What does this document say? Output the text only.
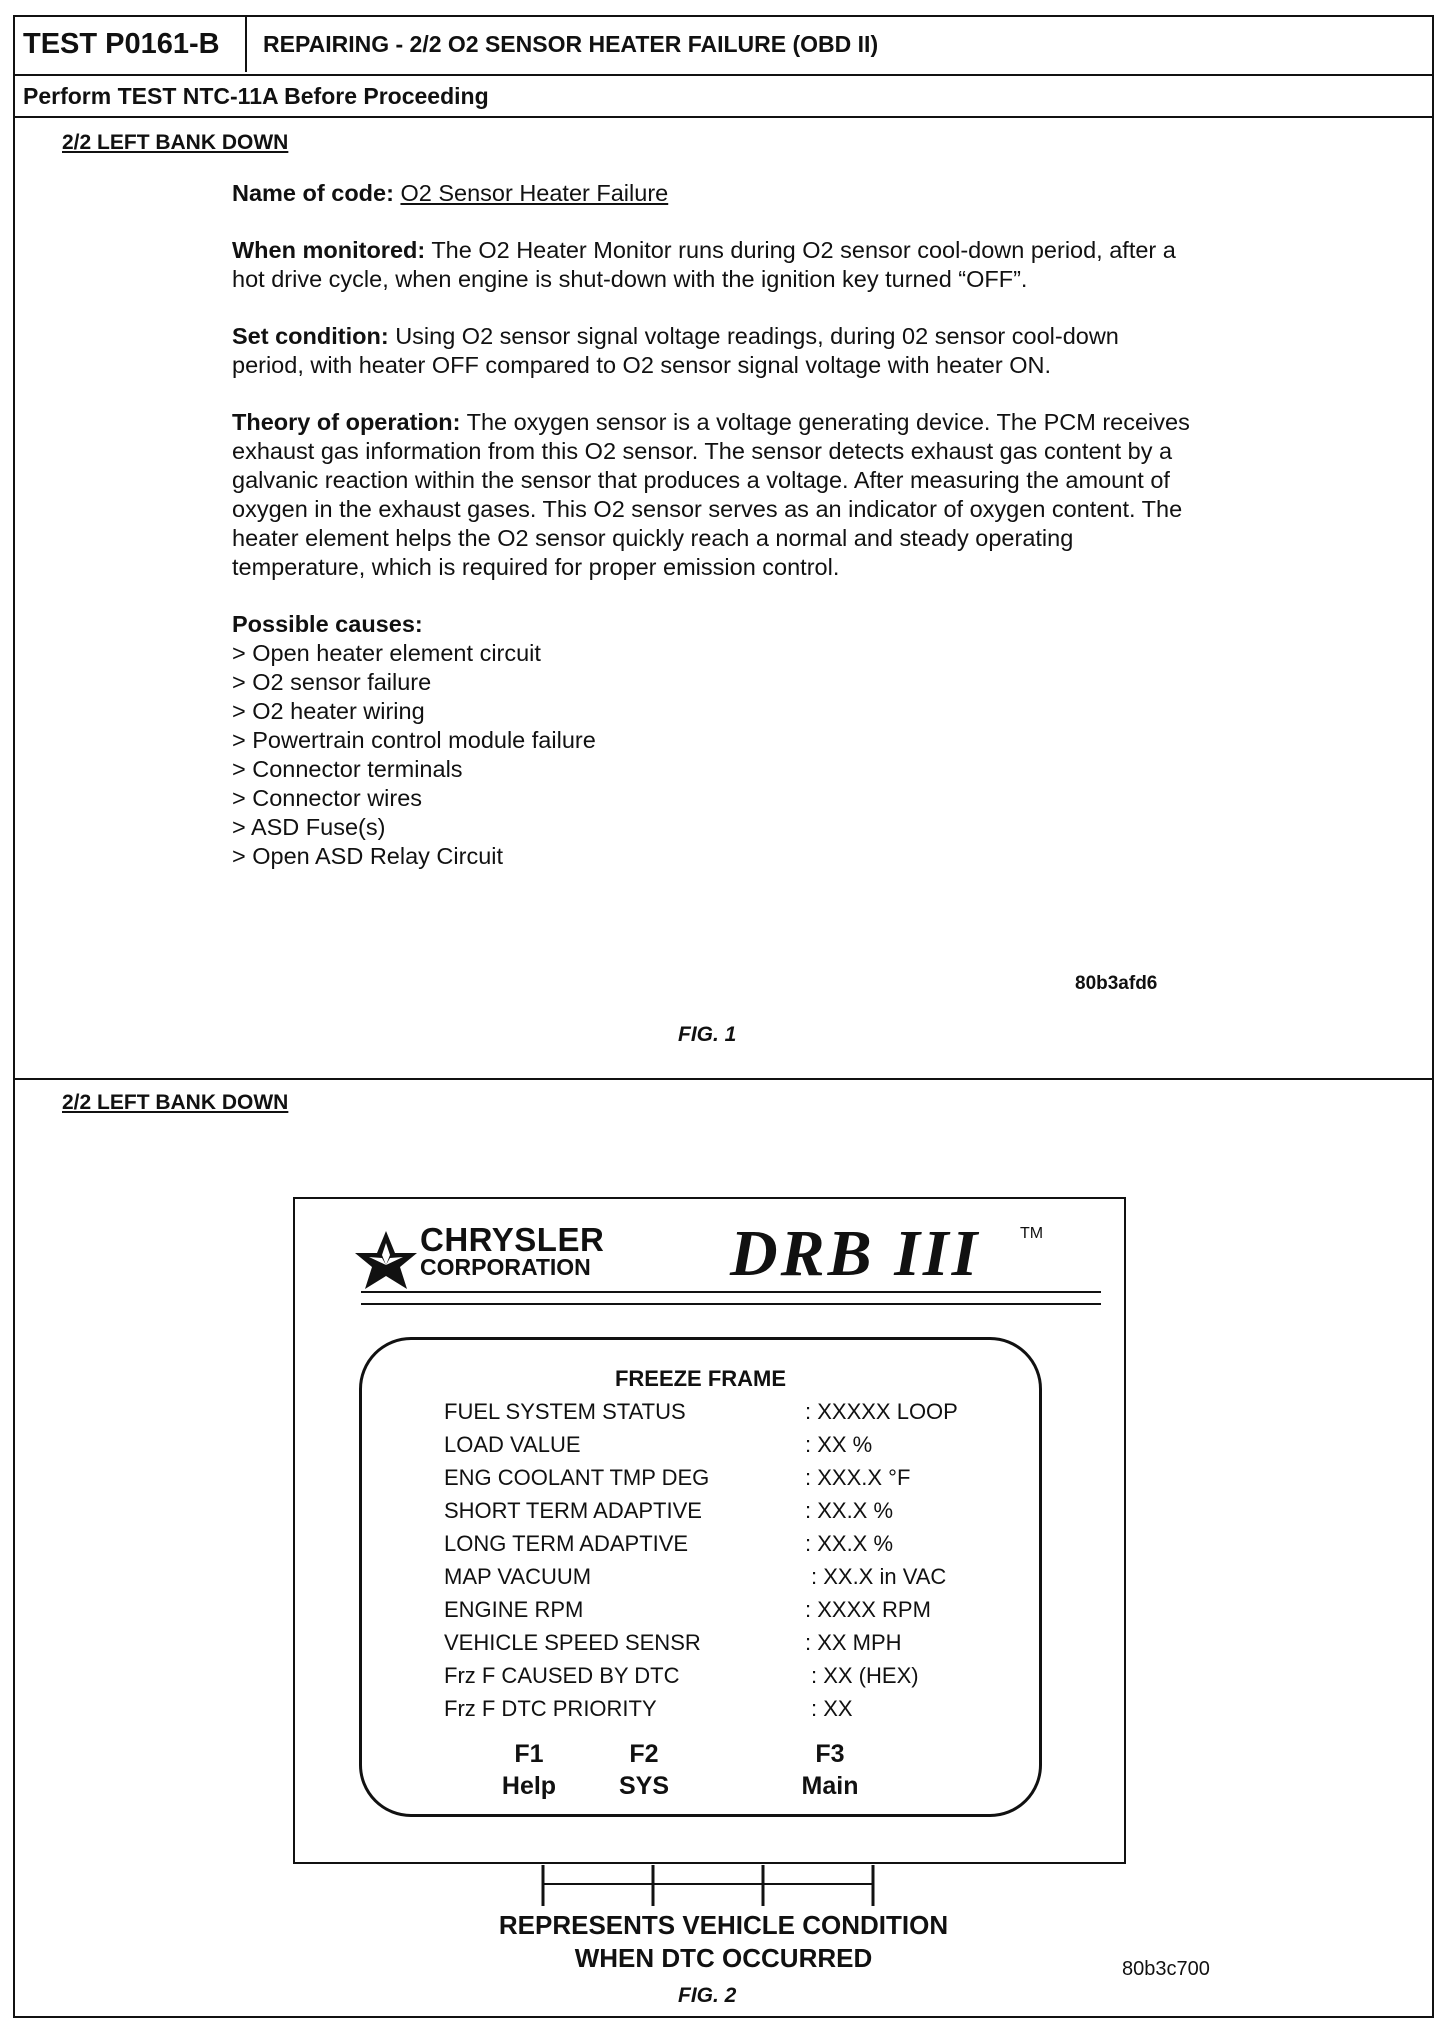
TEST P0161-B	REPAIRING - 2/2 O2 SENSOR HEATER FAILURE (OBD II)
Perform TEST NTC-11A Before Proceeding
2/2 LEFT BANK DOWN

Name of code: O2 Sensor Heater Failure

When monitored: The O2 Heater Monitor runs during O2 sensor cool-down period, after a hot drive cycle, when engine is shut-down with the ignition key turned “OFF”.

Set condition: Using O2 sensor signal voltage readings, during 02 sensor cool-down period, with heater OFF compared to O2 sensor signal voltage with heater ON.

Theory of operation: The oxygen sensor is a voltage generating device. The PCM receives exhaust gas information from this O2 sensor. The sensor detects exhaust gas content by a galvanic reaction within the sensor that produces a voltage. After measuring the amount of oxygen in the exhaust gases. This O2 sensor serves as an indicator of oxygen content. The heater element helps the O2 sensor quickly reach a normal and steady operating temperature, which is required for proper emission control.

Possible causes:
> Open heater element circuit
> O2 sensor failure
> O2 heater wiring
> Powertrain control module failure
> Connector terminals
> Connector wires
> ASD Fuse(s)
> Open ASD Relay Circuit
80b3afd6
FIG. 1
2/2 LEFT BANK DOWN
CHRYSLER
CORPORATION DRB III TM
FREEZE FRAME
FUEL SYSTEM STATUS	: XXXXX LOOP
LOAD VALUE	: XX %
ENG COOLANT TMP DEG	: XXX.X °F
SHORT TERM ADAPTIVE	: XX.X %
LONG TERM ADAPTIVE	: XX.X %
MAP VACUUM	: XX.X in VAC
ENGINE RPM	: XXXX RPM
VEHICLE SPEED SENSR	: XX MPH
Frz F CAUSED BY DTC	: XX (HEX)
Frz F DTC PRIORITY	: XX
F1
Help
F2
SYS
F3
Main
REPRESENTS VEHICLE CONDITION
WHEN DTC OCCURRED	80b3c700
FIG. 2
